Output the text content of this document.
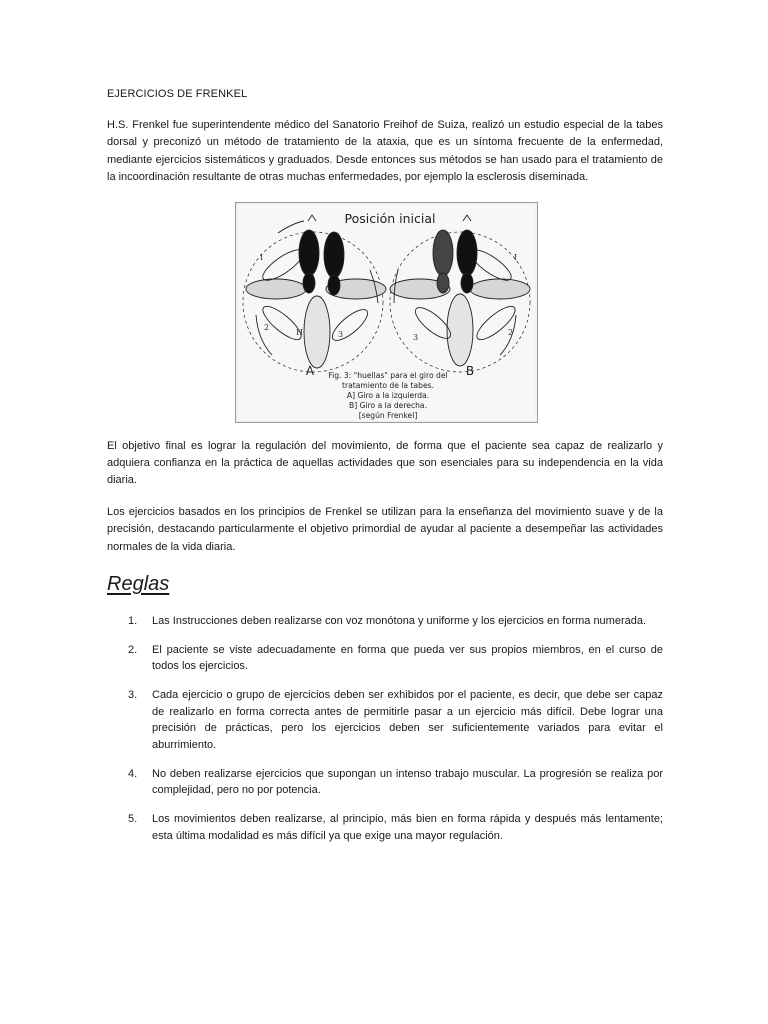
EJERCICIOS DE FRENKEL

H.S. Frenkel fue superintendente médico del Sanatorio Freihof de Suiza, realizó un estudio especial de la tabes dorsal y preconizó un método de tratamiento de la ataxia, que es un síntoma frecuente de la enfermedad, mediante ejercicios sistemáticos y graduados. Desde entonces sus métodos se han usado para el tratamiento de la incoordinación resultante de otras muchas enfermedades, por ejemplo la esclerosis diseminada.

Posición inicial
I
2
H	3	3
2
I
A	B
Fig. 3: "huellas" para el giro del
tratamiento de la tabes.
A] Giro a la izquierda.
B] Giro a la derecha.
[según Frenkel]

El objetivo final es lograr la regulación del movimiento, de forma que el paciente sea capaz de realizarlo y adquiera confianza en la práctica de aquellas actividades que son esenciales para su independencia en la vida diaria.

Los ejercicios basados en los principios de Frenkel se utilizan para la enseñanza del movimiento suave y de la precisión, destacando particularmente el objetivo primordial de ayudar al paciente a desempeñar las actividades normales de la vida diaria.

Reglas
1. Las Instrucciones deben realizarse con voz monótona y uniforme y los ejercicios en forma numerada.
2. El paciente se viste adecuadamente en forma que pueda ver sus propios miembros, en el curso de todos los ejercicios.
3. Cada ejercicio o grupo de ejercicios deben ser exhibidos por el paciente, es decir, que debe ser capaz de realizarlo en forma correcta antes de permitirle pasar a un ejercicio más difícil. Debe lograr una precisión de prácticas, pero los ejercicios deben ser suficientemente variados para evitar el aburrimiento.
4. No deben realizarse ejercicios que supongan un intenso trabajo muscular. La progresión se realiza por complejidad, pero no por potencia.
5. Los movimientos deben realizarse, al principio, más bien en forma rápida y después más lentamente; esta última modalidad es más difícil ya que exige una mayor regulación.
